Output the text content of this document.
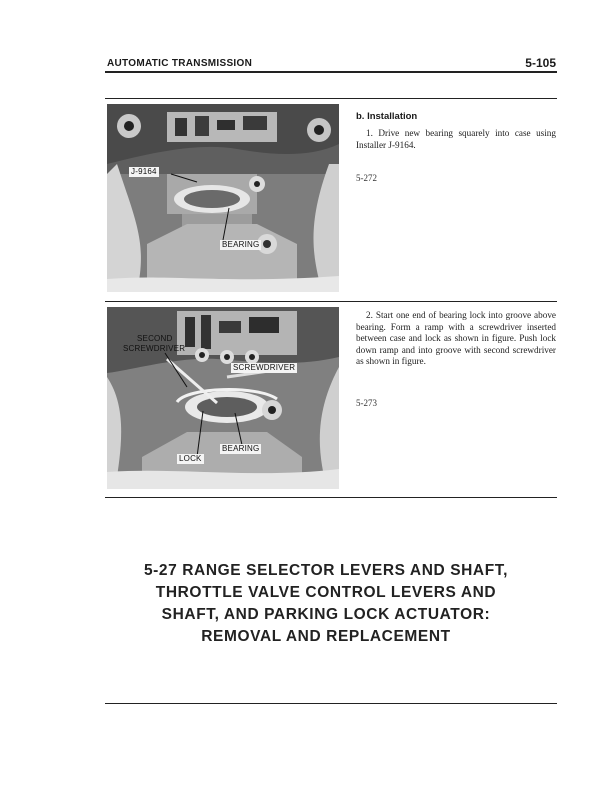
AUTOMATIC TRANSMISSION	5-105
J-9164
BEARING
b. Installation
1. Drive new bearing squarely into case using Installer J-9164.
5-272
SECOND
SCREWDRIVER
SCREWDRIVER
BEARING
LOCK
2. Start one end of bearing lock into groove above bearing. Form a ramp with a screwdriver inserted between case and lock as shown in figure. Push lock down ramp and into groove with second screwdriver as shown in figure.
5-273
5-27 RANGE SELECTOR LEVERS AND SHAFT,
THROTTLE VALVE CONTROL LEVERS AND
SHAFT, AND PARKING LOCK ACTUATOR:
REMOVAL AND REPLACEMENT
